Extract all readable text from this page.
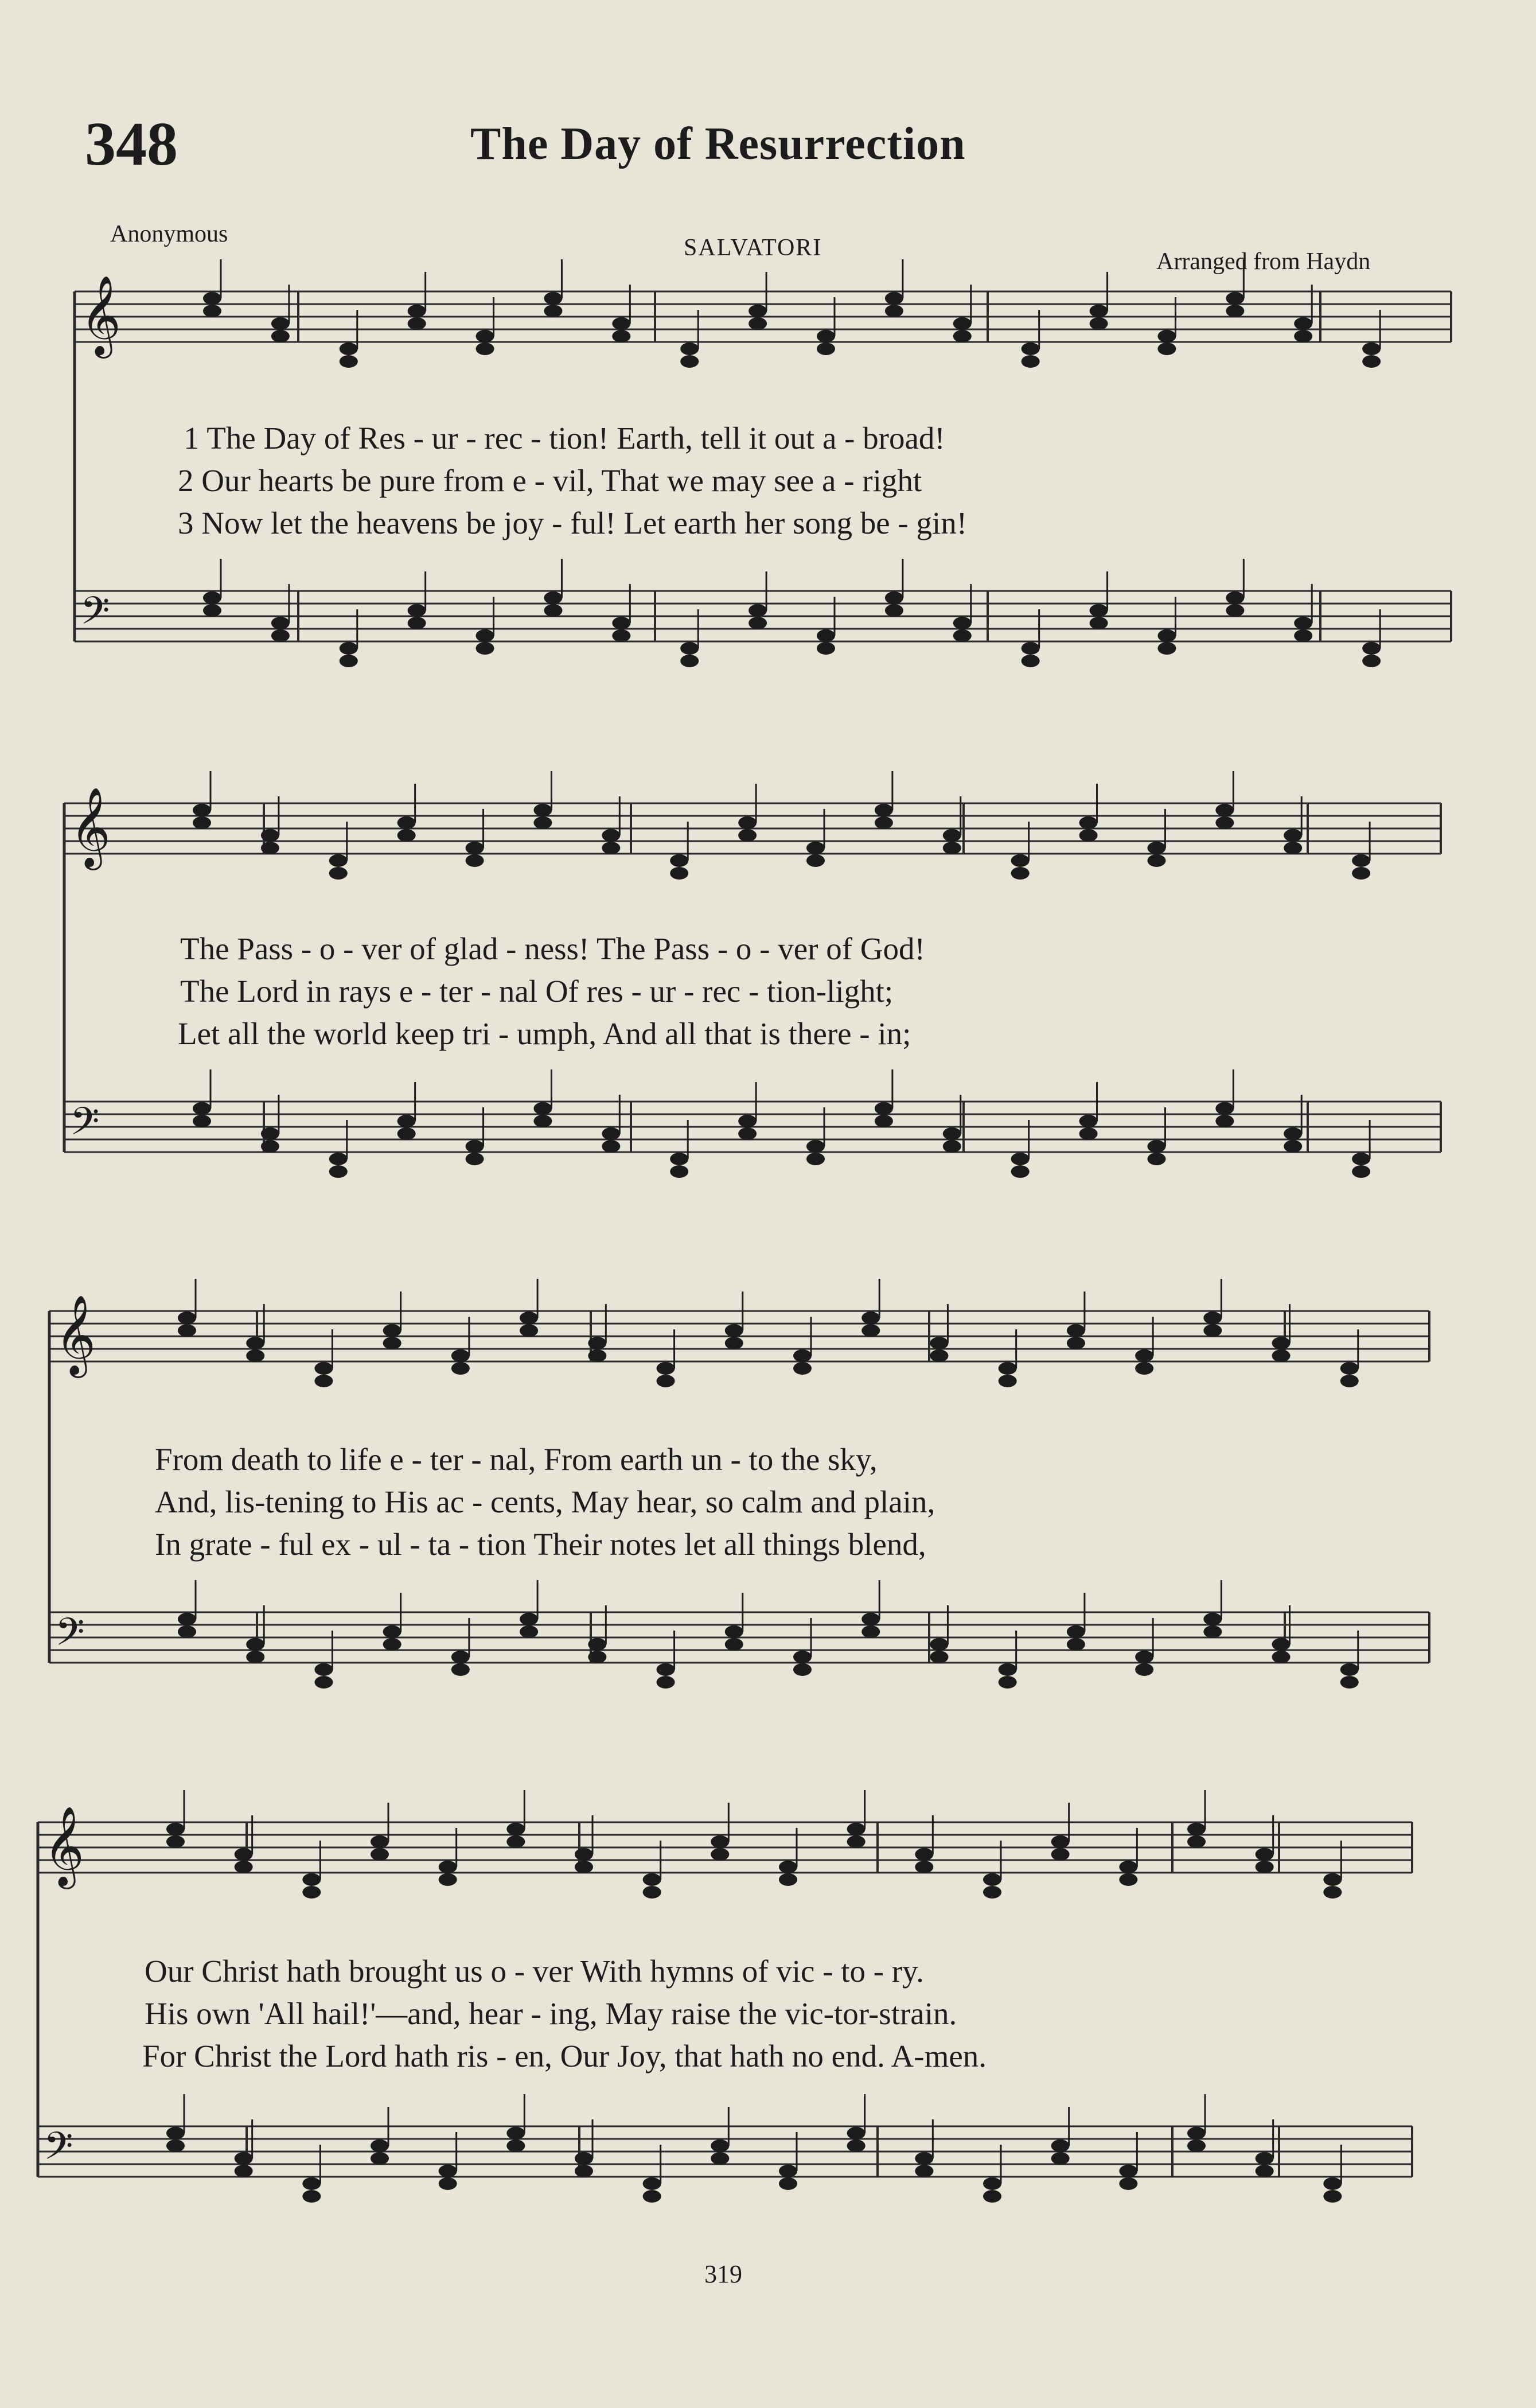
348	The Day of Resurrection
Anonymous
SALVATORI
Arranged from Haydn
𝄞
𝄢
𝄞
𝄢
𝄞
𝄢
𝄞
𝄢
1 The Day of Res - ur - rec - tion! Earth, tell it out a - broad!
2 Our hearts be pure from e - vil, That we may see a - right
3 Now let the heavens be joy - ful! Let earth her song be - gin!
The Pass - o - ver of glad - ness! The Pass - o - ver of God!
The Lord in rays e - ter - nal Of res - ur - rec - tion-light;
Let all the world keep tri - umph, And all that is there - in;
From death to life e - ter - nal, From earth un - to the sky,
And, lis-tening to His ac - cents, May hear, so calm and plain,
In grate - ful ex - ul - ta - tion Their notes let all things blend,
Our Christ hath brought us o - ver With hymns of vic - to - ry.
His own 'All hail!'—and, hear - ing, May raise the vic-tor-strain.
For Christ the Lord hath ris - en, Our Joy, that hath no end. A-men.
319
